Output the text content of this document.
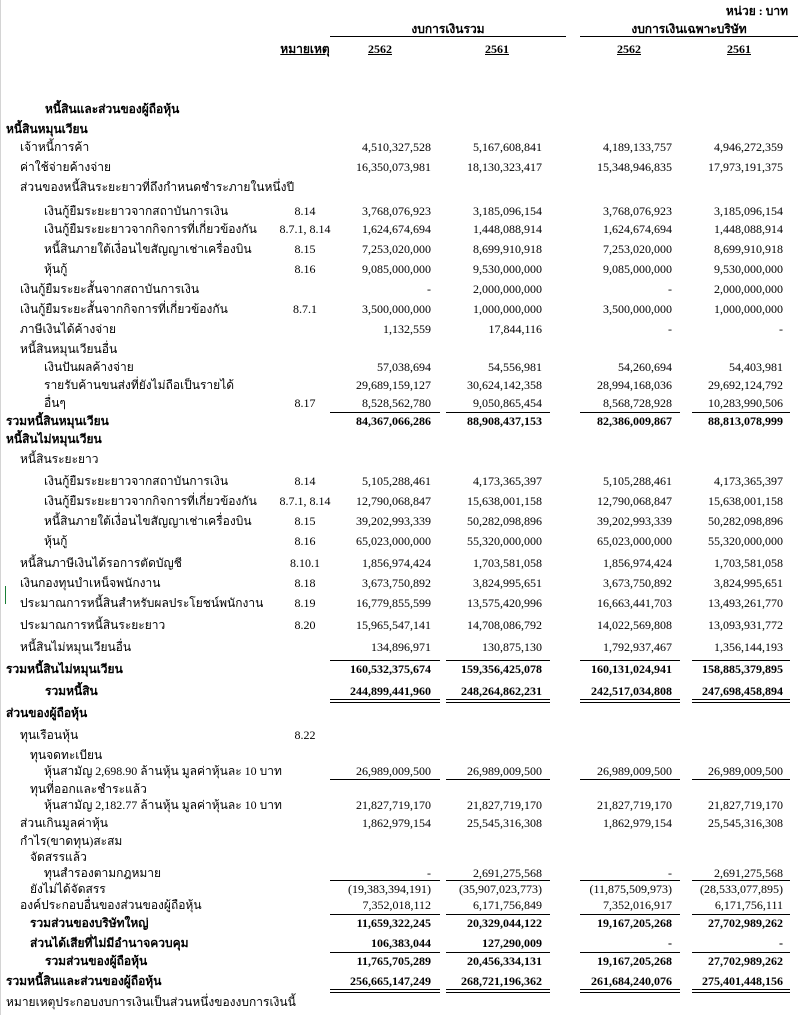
หน่วย : บาท
งบการเงินรวม	งบการเงินเฉพาะบริษัท
หมายเหตุ	2562	2561	2562	2561
หนี้สินและส่วนของผู้ถือหุ้น
หนี้สินหมุนเวียน
เจ้าหนี้การค้า	4,510,327,528	5,167,608,841	4,189,133,757	4,946,272,359
ค่าใช้จ่ายค้างจ่าย	16,350,073,981	18,130,323,417	15,348,946,835	17,973,191,375
ส่วนของหนี้สินระยะยาวที่ถึงกำหนดชำระภายในหนึ่งปี
เงินกู้ยืมระยะยาวจากสถาบันการเงิน	8.14	3,768,076,923	3,185,096,154	3,768,076,923	3,185,096,154
เงินกู้ยืมระยะยาวจากกิจการที่เกี่ยวข้องกัน	8.7.1, 8.14	1,624,674,694	1,448,088,914	1,624,674,694	1,448,088,914
หนี้สินภายใต้เงื่อนไขสัญญาเช่าเครื่องบิน	8.15	7,253,020,000	8,699,910,918	7,253,020,000	8,699,910,918
หุ้นกู้	8.16	9,085,000,000	9,530,000,000	9,085,000,000	9,530,000,000
เงินกู้ยืมระยะสั้นจากสถาบันการเงิน	-	2,000,000,000	-	2,000,000,000
เงินกู้ยืมระยะสั้นจากกิจการที่เกี่ยวข้องกัน	8.7.1	3,500,000,000	1,000,000,000	3,500,000,000	1,000,000,000
ภาษีเงินได้ค้างจ่าย	1,132,559	17,844,116	-	-
หนี้สินหมุนเวียนอื่น
เงินปันผลค้างจ่าย	57,038,694	54,556,981	54,260,694	54,403,981
รายรับค้านขนส่งที่ยังไม่ถือเป็นรายได้	29,689,159,127	30,624,142,358	28,994,168,036	29,692,124,792
อื่นๆ	8.17	8,528,562,780	9,050,865,454	8,568,728,928	10,283,990,506
รวมหนี้สินหมุนเวียน	84,367,066,286	88,908,437,153	82,386,009,867	88,813,078,999
หนี้สินไม่หมุนเวียน
หนี้สินระยะยาว
เงินกู้ยืมระยะยาวจากสถาบันการเงิน	8.14	5,105,288,461	4,173,365,397	5,105,288,461	4,173,365,397
เงินกู้ยืมระยะยาวจากกิจการที่เกี่ยวข้องกัน	8.7.1, 8.14	12,790,068,847	15,638,001,158	12,790,068,847	15,638,001,158
หนี้สินภายใต้เงื่อนไขสัญญาเช่าเครื่องบิน	8.15	39,202,993,339	50,282,098,896	39,202,993,339	50,282,098,896
หุ้นกู้	8.16	65,023,000,000	55,320,000,000	65,023,000,000	55,320,000,000
หนี้สินภาษีเงินได้รอการตัดบัญชี	8.10.1	1,856,974,424	1,703,581,058	1,856,974,424	1,703,581,058
เงินกองทุนบำเหน็จพนักงาน	8.18	3,673,750,892	3,824,995,651	3,673,750,892	3,824,995,651
ประมาณการหนี้สินสำหรับผลประโยชน์พนักงาน	8.19	16,779,855,599	13,575,420,996	16,663,441,703	13,493,261,770
ประมาณการหนี้สินระยะยาว	8.20	15,965,547,141	14,708,086,792	14,022,569,808	13,093,931,772
หนี้สินไม่หมุนเวียนอื่น	134,896,971	130,875,130	1,792,937,467	1,356,144,193
รวมหนี้สินไม่หมุนเวียน	160,532,375,674	159,356,425,078	160,131,024,941	158,885,379,895
รวมหนี้สิน	244,899,441,960	248,264,862,231	242,517,034,808	247,698,458,894
ส่วนของผู้ถือหุ้น
ทุนเรือนหุ้น	8.22
ทุนจดทะเบียน
หุ้นสามัญ 2,698.90 ล้านหุ้น มูลค่าหุ้นละ 10 บาท	26,989,009,500	26,989,009,500	26,989,009,500	26,989,009,500
ทุนที่ออกและชำระแล้ว
หุ้นสามัญ 2,182.77 ล้านหุ้น มูลค่าหุ้นละ 10 บาท	21,827,719,170	21,827,719,170	21,827,719,170	21,827,719,170
ส่วนเกินมูลค่าหุ้น	1,862,979,154	25,545,316,308	1,862,979,154	25,545,316,308
กำไร(ขาดทุน)สะสม
จัดสรรแล้ว
ทุนสำรองตามกฎหมาย	-	2,691,275,568	-	2,691,275,568
ยังไม่ได้จัดสรร	(19,383,394,191)	(35,907,023,773)	(11,875,509,973)	(28,533,077,895)
องค์ประกอบอื่นของส่วนของผู้ถือหุ้น	7,352,018,112	6,171,756,849	7,352,016,917	6,171,756,111
รวมส่วนของบริษัทใหญ่	11,659,322,245	20,329,044,122	19,167,205,268	27,702,989,262
ส่วนได้เสียที่ไม่มีอำนาจควบคุม	106,383,044	127,290,009	-	-
รวมส่วนของผู้ถือหุ้น	11,765,705,289	20,456,334,131	19,167,205,268	27,702,989,262
รวมหนี้สินและส่วนของผู้ถือหุ้น	256,665,147,249	268,721,196,362	261,684,240,076	275,401,448,156
หมายเหตุประกอบงบการเงินเป็นส่วนหนึ่งของงบการเงินนี้
